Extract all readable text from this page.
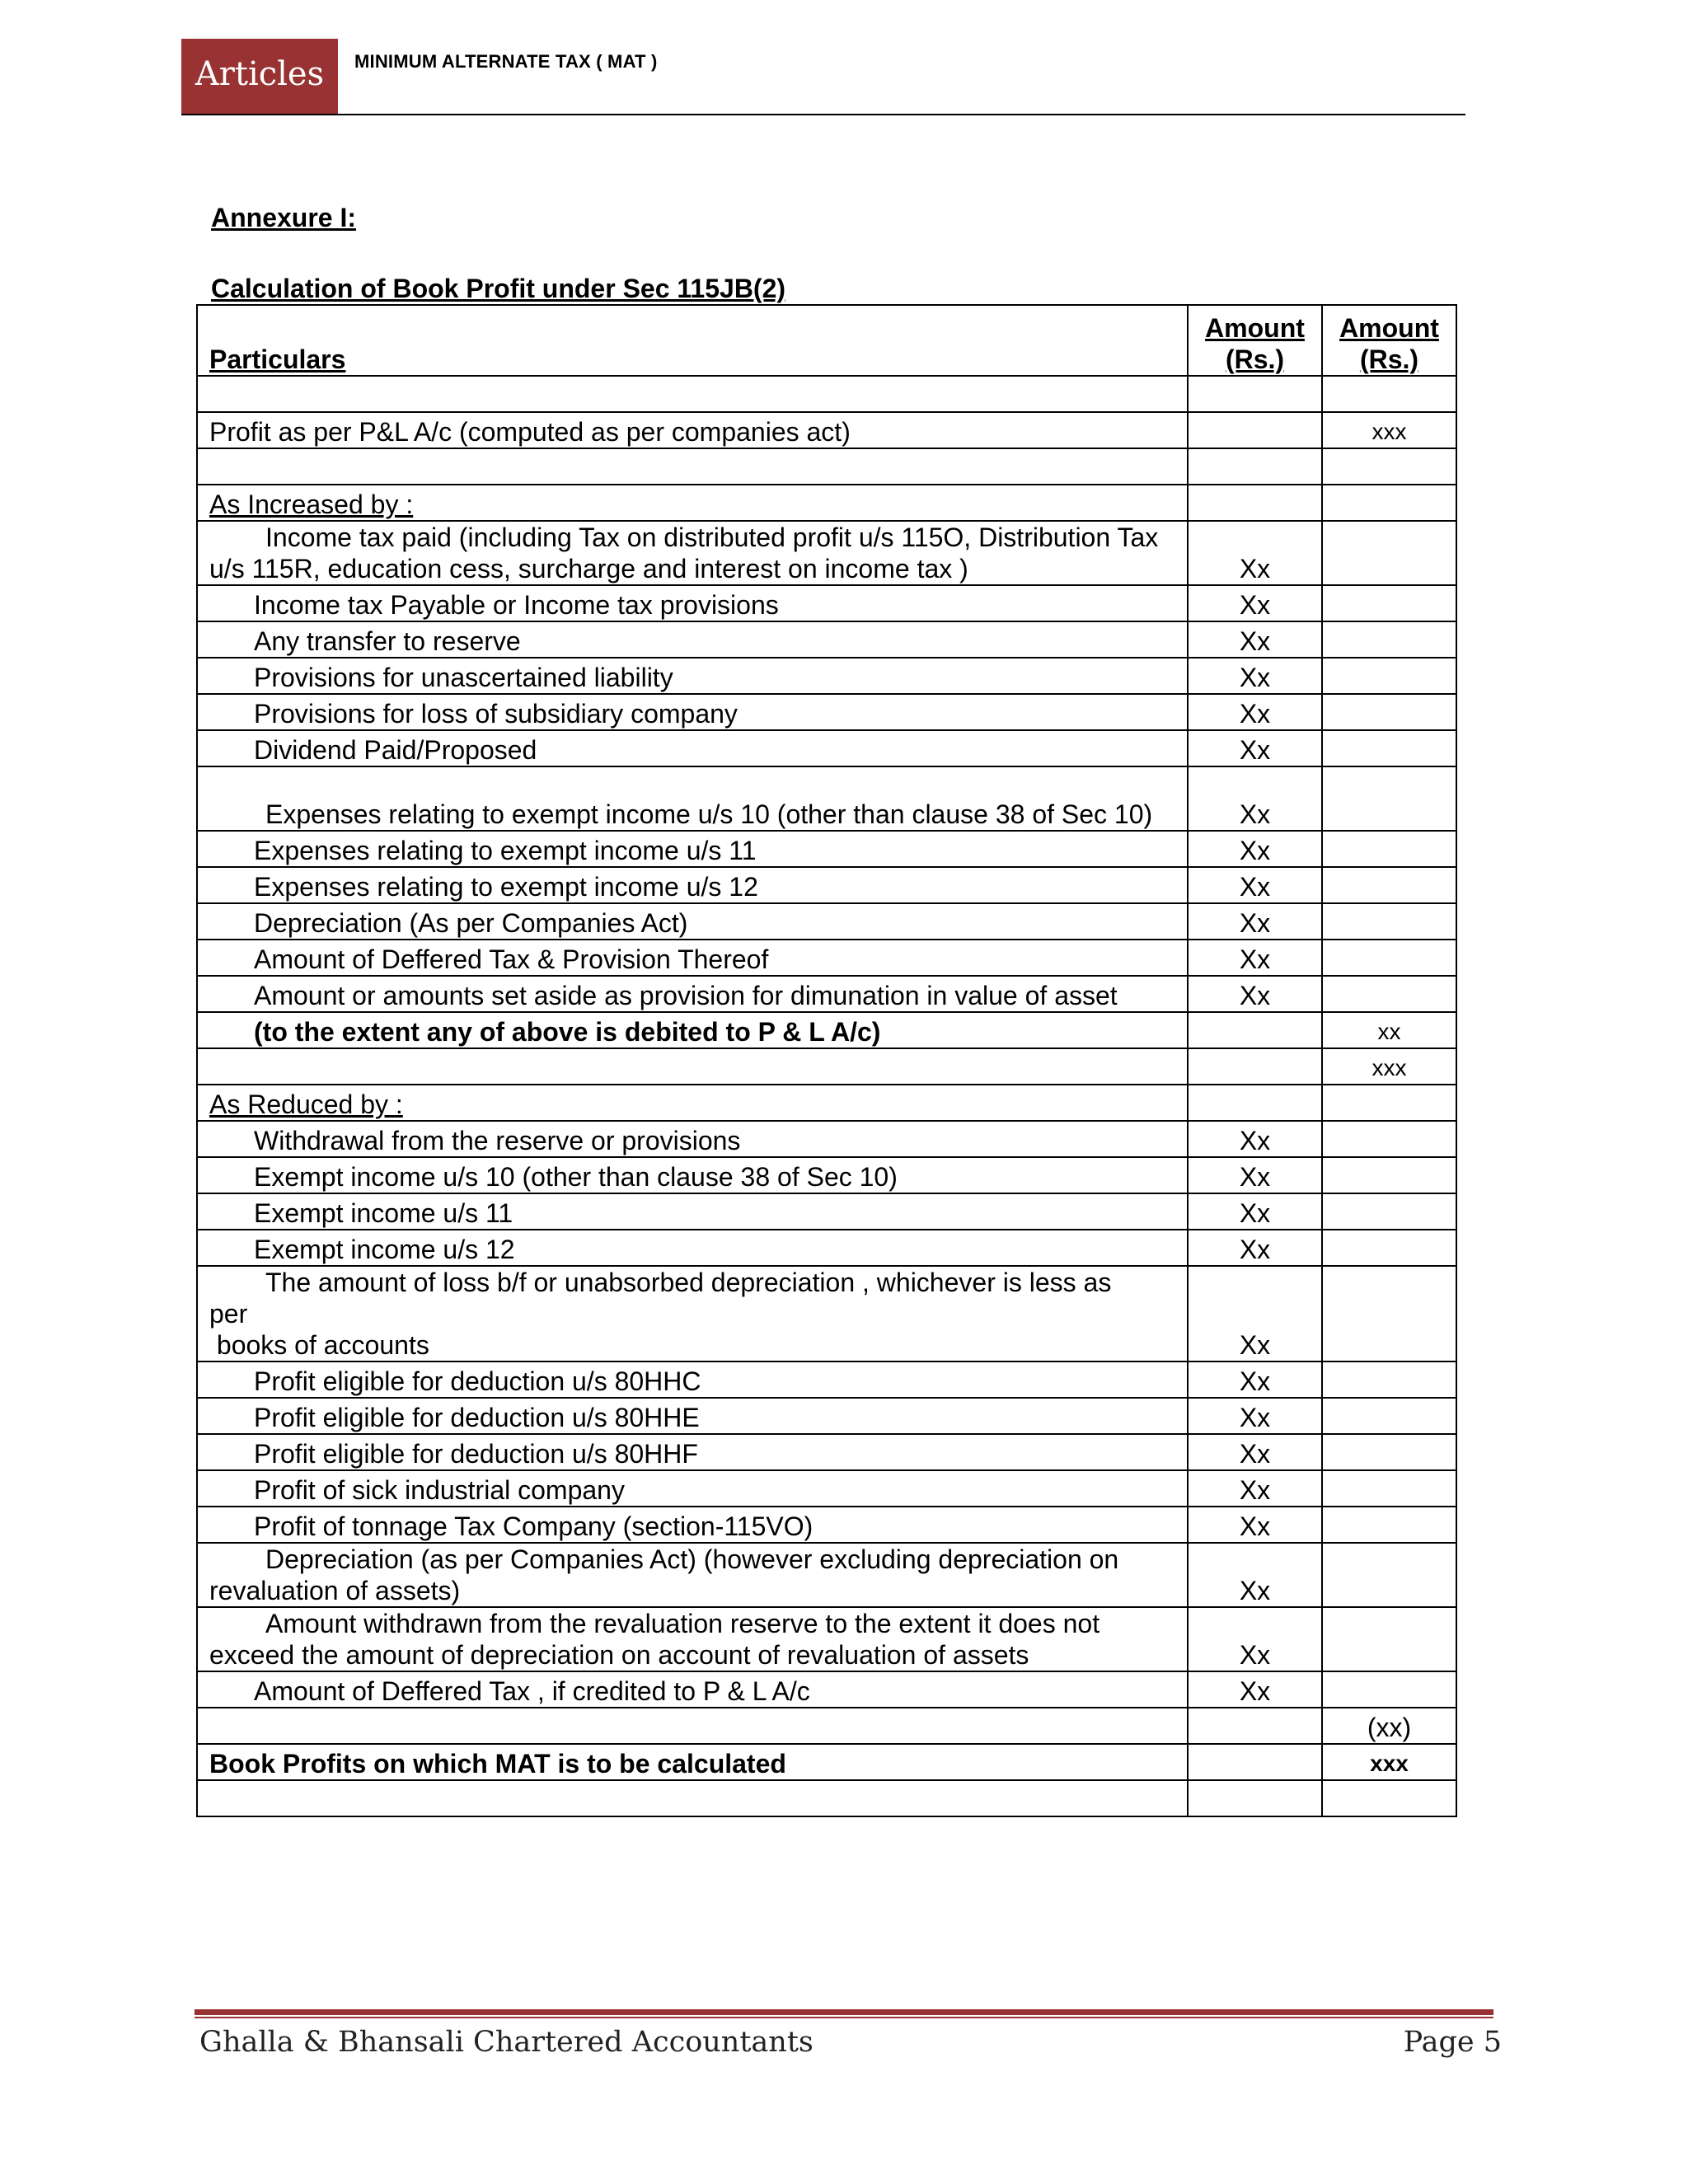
Articles	MINIMUM ALTERNATE TAX ( MAT )
Annexure I:
Calculation of Book Profit under Sec 115JB(2)
Particulars	Amount (Rs.)	Amount (Rs.)

Profit as per P&L A/c (computed as per companies act)		xxx

As Increased by :		
Income tax paid (including Tax on distributed profit u/s 115O, Distribution Tax u/s 115R, education cess, surcharge and interest on income tax )	Xx	
Income tax Payable or Income tax provisions	Xx	
Any transfer to reserve	Xx	
Provisions for unascertained liability	Xx	
Provisions for loss of subsidiary company	Xx	
Dividend Paid/Proposed	Xx	
Expenses relating to exempt income u/s 10 (other than clause 38 of Sec 10)	Xx	
Expenses relating to exempt income u/s 11	Xx	
Expenses relating to exempt income u/s 12	Xx	
Depreciation (As per Companies Act)	Xx	
Amount of Deffered Tax & Provision Thereof	Xx	
Amount or amounts set aside as provision for dimunation in value of asset	Xx	
(to the extent any of above is debited to P & L A/c)		xx
		xxx
As Reduced by :		
Withdrawal from the reserve or provisions	Xx	
Exempt income u/s 10 (other than clause 38 of Sec 10)	Xx	
Exempt income u/s 11	Xx	
Exempt income u/s 12	Xx	

The amount of loss b/f or unabsorbed depreciation , whichever is less as
per
books of accounts	Xx	
Profit eligible for deduction u/s 80HHC	Xx	
Profit eligible for deduction u/s 80HHE	Xx	
Profit eligible for deduction u/s 80HHF	Xx	
Profit of sick industrial company	Xx	
Profit of tonnage Tax Company (section-115VO)	Xx	
Depreciation (as per Companies Act) (however excluding depreciation on revaluation of assets)	Xx	
Amount withdrawn from the revaluation reserve to the extent it does not exceed the amount of depreciation on account of revaluation of assets	Xx	
Amount of Deffered Tax , if credited to P & L A/c	Xx	
		(xx)
Book Profits on which MAT is to be calculated		xxx

Ghalla & Bhansali Chartered Accountants	Page 5
